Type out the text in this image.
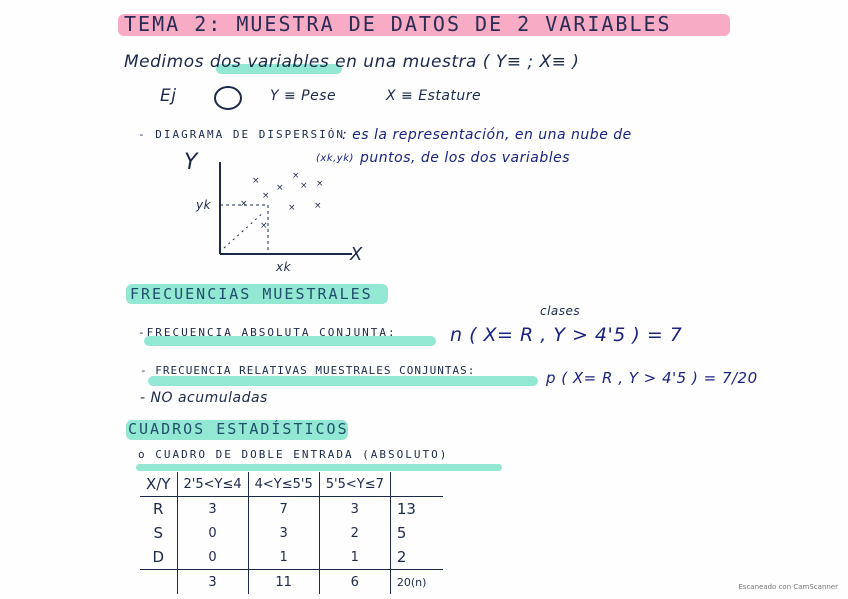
TEMA 2: MUESTRA DE DATOS DE 2 VARIABLES
Medimos dos variables en una muestra ( Y≡ ; X≡ )
Ej	Y ≡ Pese	X ≡ Estature
- DIAGRAMA DE DISPERSIÓN
: es la representación, en una nube de
(xk,yk) puntos, de los dos variables
×
×
×
× ×
×
×	× ×
×
Y
X
yk
xk
FRECUENCIAS MUESTRALES
-FRECUENCIA ABSOLUTA CONJUNTA:	n ( X= R , Y > 4'5 ) = 7
clases
- FRECUENCIA RELATIVAS MUESTRALES CONJUNTAS:	p ( X= R , Y > 4'5 ) = 7/20
- NO acumuladas
CUADROS ESTADÍSTICOS
o CUADRO DE DOBLE ENTRADA (ABSOLUTO)
X/Y	2'5<Y≤4	4<Y≤5'5	5'5<Y≤7	
R	3	7	3	13
S	0	3	2	5
D	0	1	1	2
	3	11	6	20(n)	Escaneado con CamScanner
